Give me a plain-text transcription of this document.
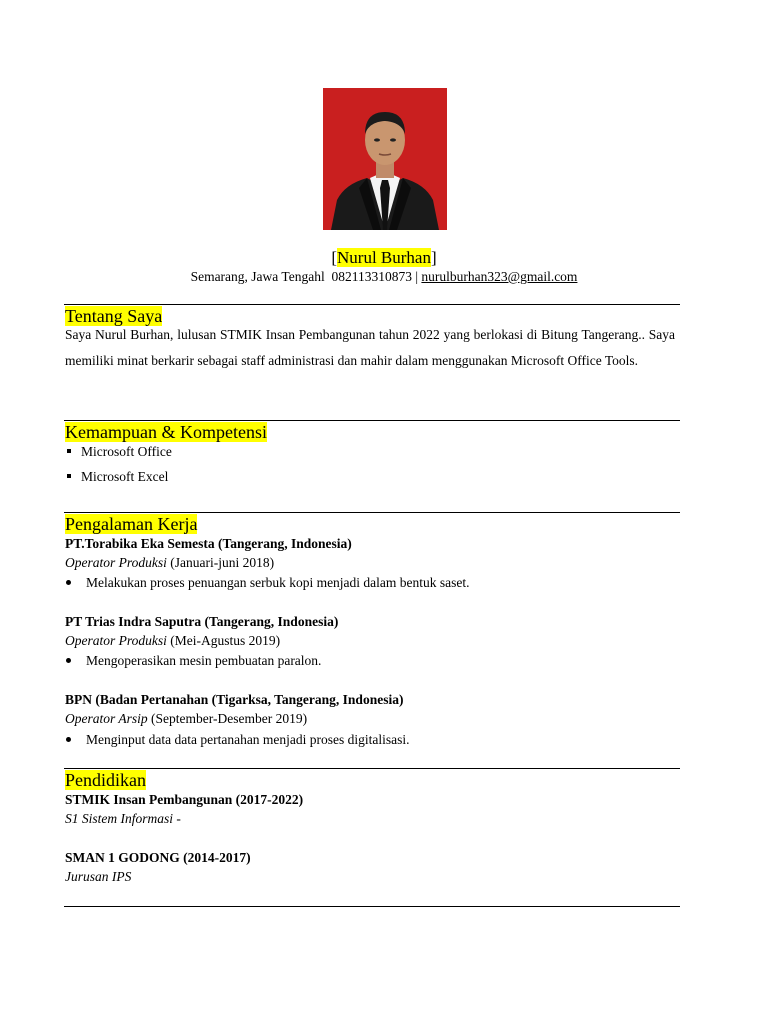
[Nurul Burhan]
Semarang, Jawa Tengahl 082113310873 | nurulburhan323@gmail.com
Tentang Saya
Saya Nurul Burhan, lulusan STMIK Insan Pembangunan tahun 2022 yang berlokasi di Bitung Tangerang.. Saya memiliki minat berkarir sebagai staff administrasi dan mahir dalam menggunakan Microsoft Office Tools.
Kemampuan & Kompetensi
Microsoft Office
Microsoft Excel
Pengalaman Kerja
PT.Torabika Eka Semesta (Tangerang, Indonesia)
Operator Produksi (Januari-juni 2018)
Melakukan proses penuangan serbuk kopi menjadi dalam bentuk saset.
PT Trias Indra Saputra (Tangerang, Indonesia)
Operator Produksi (Mei-Agustus 2019)
Mengoperasikan mesin pembuatan paralon.
BPN (Badan Pertanahan (Tigarksa, Tangerang, Indonesia)
Operator Arsip (September-Desember 2019)
Menginput data data pertanahan menjadi proses digitalisasi.
Pendidikan
STMIK Insan Pembangunan (2017-2022)
S1 Sistem Informasi -
SMAN 1 GODONG (2014-2017)
Jurusan IPS
